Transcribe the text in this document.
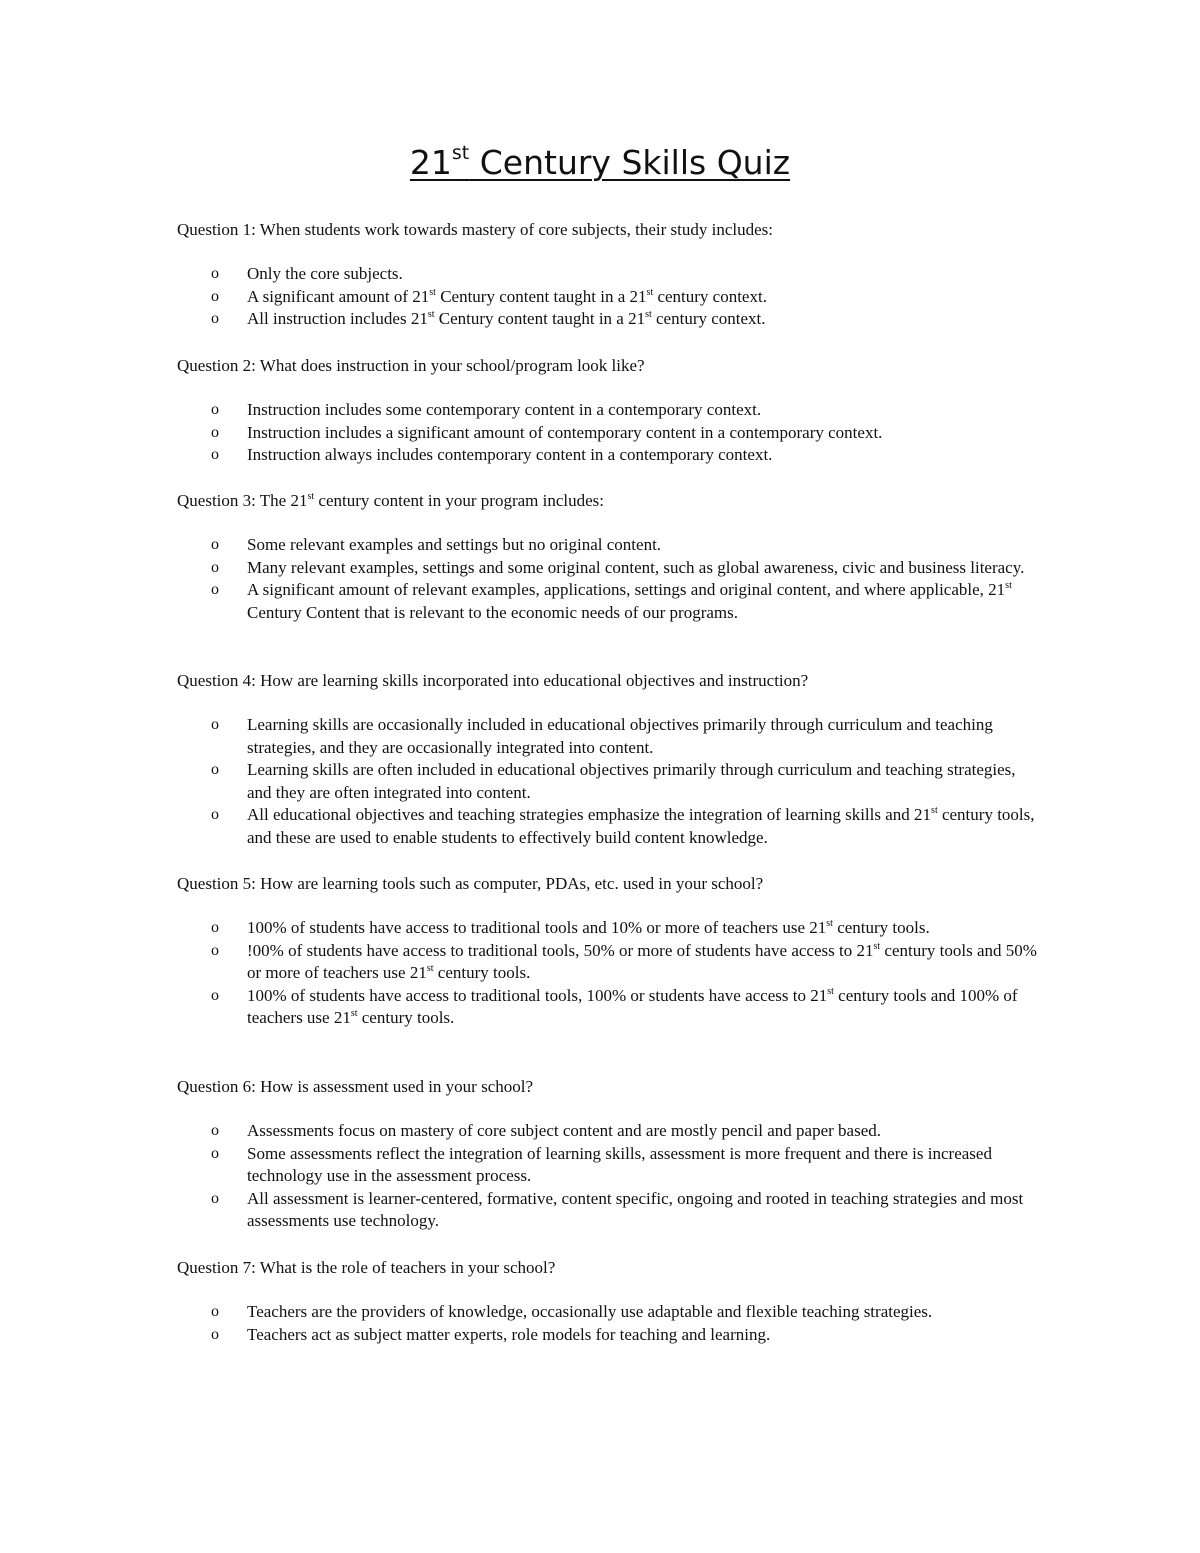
21st Century Skills Quiz

Question 1: When students work towards mastery of core subjects, their study includes:

o Only the core subjects.
o A significant amount of 21st Century content taught in a 21st century context.
o All instruction includes 21st Century content taught in a 21st century context.

Question 2: What does instruction in your school/program look like?

o Instruction includes some contemporary content in a contemporary context.
o Instruction includes a significant amount of contemporary content in a contemporary context.
o Instruction always includes contemporary content in a contemporary context.

Question 3: The 21st century content in your program includes:

o Some relevant examples and settings but no original content.
o Many relevant examples, settings and some original content, such as global awareness, civic and business literacy.
o A significant amount of relevant examples, applications, settings and original content, and where applicable, 21st Century Content that is relevant to the economic needs of our programs.

Question 4: How are learning skills incorporated into educational objectives and instruction?

o Learning skills are occasionally included in educational objectives primarily through curriculum and teaching strategies, and they are occasionally integrated into content.
o Learning skills are often included in educational objectives primarily through curriculum and teaching strategies, and they are often integrated into content.
o All educational objectives and teaching strategies emphasize the integration of learning skills and 21st century tools, and these are used to enable students to effectively build content knowledge.

Question 5: How are learning tools such as computer, PDAs, etc. used in your school?

o 100% of students have access to traditional tools and 10% or more of teachers use 21st century tools.
o !00% of students have access to traditional tools, 50% or more of students have access to 21st century tools and 50% or more of teachers use 21st century tools.
o 100% of students have access to traditional tools, 100% or students have access to 21st century tools and 100% of teachers use 21st century tools.

Question 6: How is assessment used in your school?

o Assessments focus on mastery of core subject content and are mostly pencil and paper based.
o Some assessments reflect the integration of learning skills, assessment is more frequent and there is increased technology use in the assessment process.
o All assessment is learner-centered, formative, content specific, ongoing and rooted in teaching strategies and most assessments use technology.

Question 7: What is the role of teachers in your school?

o Teachers are the providers of knowledge, occasionally use adaptable and flexible teaching strategies.
o Teachers act as subject matter experts, role models for teaching and learning.
